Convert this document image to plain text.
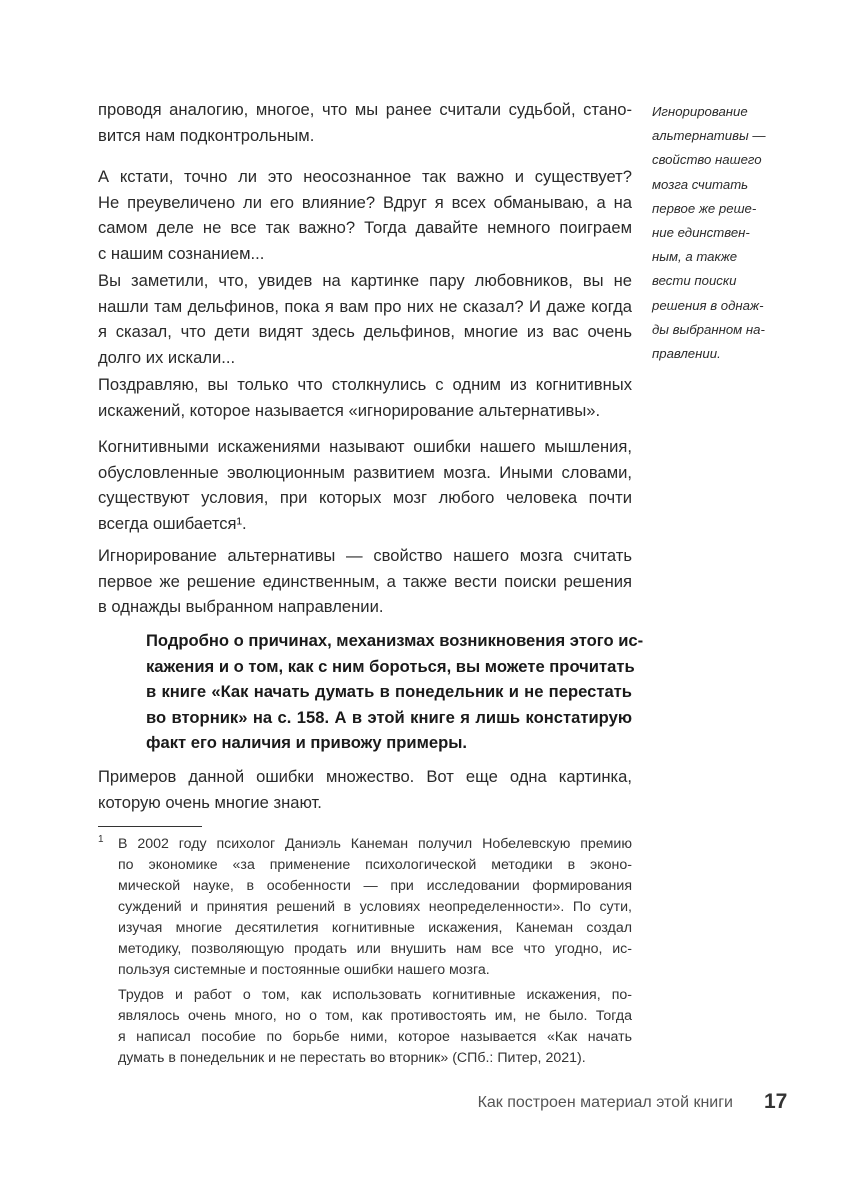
проводя аналогию, многое, что мы ранее считали судьбой, стано-
вится нам подконтрольным.
А кстати, точно ли это неосознанное так важно и существует?
Не преувеличено ли его влияние? Вдруг я всех обманываю, а на
самом деле не все так важно? Тогда давайте немного поиграем
с нашим сознанием...
Вы заметили, что, увидев на картинке пару любовников, вы не
нашли там дельфинов, пока я вам про них не сказал? И даже когда
я сказал, что дети видят здесь дельфинов, многие из вас очень
долго их искали...
Поздравляю, вы только что столкнулись с одним из когнитивных
искажений, которое называется «игнорирование альтернативы».
Когнитивными искажениями называют ошибки нашего мышления,
обусловленные эволюционным развитием мозга. Иными словами,
существуют условия, при которых мозг любого человека почти
всегда ошибается¹.
Игнорирование альтернативы — свойство нашего мозга считать
первое же решение единственным, а также вести поиски решения
в однажды выбранном направлении.
Подробно о причинах, механизмах возникновения этого ис-
кажения и о том, как с ним бороться, вы можете прочитать
в книге «Как начать думать в понедельник и не перестать
во вторник» на с. 158. А в этой книге я лишь констатирую
факт его наличия и привожу примеры.
Примеров данной ошибки множество. Вот еще одна картинка,
которую очень многие знают.
Игнорирование
альтернативы —
свойство нашего
мозга считать
первое же реше-
ние единствен-
ным, а также
вести поиски
решения в однаж-
ды выбранном на-
правлении.
1 В 2002 году психолог Даниэль Канеман получил Нобелевскую премию
по экономике «за применение психологической методики в эконо-
мической науке, в особенности — при исследовании формирования
суждений и принятия решений в условиях неопределенности». По сути,
изучая многие десятилетия когнитивные искажения, Канеман создал
методику, позволяющую продать или внушить нам все что угодно, ис-
пользуя системные и постоянные ошибки нашего мозга.
Трудов и работ о том, как использовать когнитивные искажения, по-
являлось очень много, но о том, как противостоять им, не было. Тогда
я написал пособие по борьбе ними, которое называется «Как начать
думать в понедельник и не перестать во вторник» (СПб.: Питер, 2021).
Как построен материал этой книги 17
